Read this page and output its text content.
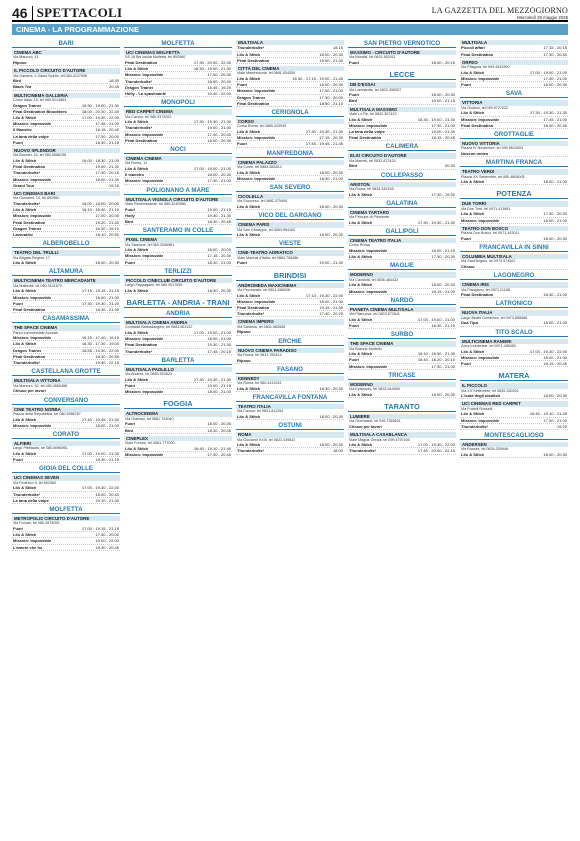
46 SPETTACOLI	LA GAZZETTA DEL MEZZOGIORNO
Mercoledì 28 maggio 2025
CINEMA - LA PROGRAMMAZIONE
BARI
CINEMA ABC
Via Marconi, 41
Riposo
IL PICCOLO CIRCUITO D'AUTORE
Via Gamma, 4 Santo Spirito, tel 080.4127008
Bird	18.30
Black Tea	20.45
MULTICINEMA GALLERIA
Corso Italia, 15, tel 080.5214563
Dragon Trainer	16.30 - 19.00 - 21.30
Final Destination Bloodlines	18.00 - 20.30 - 22.40
Lilo & Stitch	17.00 - 19.30 - 22.00
Mission: Impossible	17.45 - 21.00
Il Maestro	18.15 - 20.40
La tana della volpe	17.30 - 20.00
Fuori	18.30 - 21.15
NUOVO SPLENDOR
Via Buccari, 24, tel 080.5566236
Lilo & Stitch	16.00 - 18.30 - 21.00
Final Destination	19.00 - 21.30
Thunderbolts*	17.30 - 20.15
Mission: Impossible	18.00 - 21.30
Grand Tour	19.15
UCI CINEMAS BARI
Via Giovanni, 10, tel 892960
Thunderbolts*	16.00 - 18.00 - 20.00
Lilo & Stitch	16.10 - 18.40 - 21.10
Mission: Impossible	17.00 - 20.30
Final Destination	19.20 - 21.40
Dragon Trainer	16.30 - 19.10
Lavoratrici	18.10 - 20.50
ALBEROBELLO
TEATRO DEL TRULLI
Via Brigata Regina, 17
Lilo & Stitch	18.00 - 20.30
ALTAMURA
MULTICINEMA TEATRO MERCADANTE
Via Matteotti, tel 080.3141570
Lilo & Stitch	17.15 - 19.15 - 21.15
Mission: Impossible	18.00 - 21.00
Fuori	17.30 - 19.30 - 21.20
Final Destination	18.30 - 21.30
CASAMASSIMA
THE SPACE CINEMA
Parco commerciale Auchan
Mission: Impossible	16.15 - 17.40 - 19.15
Lilo & Stitch	16.30 - 17.30 - 19.00
Dragon Trainer	16.55 - 19.30 - 22.00
Final Destination	18.30 - 20.55
Thunderbolts*	19.40 - 22.15
CASTELLANA GROTTE
MULTISALA VITTORIA
Via Marconi, 52, tel 080.4965488
Chiuso per lavori
CONVERSANO
CINE TEATRO NORBA
Piazza della Repubblica, tel 080.4956767
Lilo & Stitch	17.40 - 19.45 - 21.50
Mission: Impossible	18.00 - 21.00
CORATO
ALFIERI
Largo Plebiscito, tel 080.8986951
Lilo & Stitch	17.00 - 19.00 - 21.00
Fuori	18.30 - 21.15
GIOIA DEL COLLE
UCI CINEMAS SEVEN
Via Federico II, tel 892960
Lilo & Stitch	17.00 - 19.30 - 22.00
Thunderbolts*	18.00 - 20.40
La tana della volpe	19.10 - 21.30
MOLFETTA
METROPOLIS CIRCUITO D'AUTORE
Via Fornari, tel 080.3973093
Fuori	17.00 - 19.15 - 21.15
Lilo & Stitch	17.30 - 20.00
Mission: Impossible	19.00 - 22.00
L'amore che ho	18.30 - 20.45
MOLFETTA
UCI CINEMAS MOLFETTA
SS 16 Bis uscita Molfetta, tel 892960
Final Destination	17.30 - 20.00 - 22.30
Lilo & Stitch	16.30 - 19.00 - 21.30
Mission: Impossible	17.00 - 20.30
Thunderbolts*	18.00 - 20.40
Dragon Trainer	16.45 - 19.20
Holly - La spasimante	19.40 - 22.00
MONOPOLI
RED CARPET CINEMA
Via Cavour, tel 080.9372022
Lilo & Stitch	17.30 - 19.30 - 21.30
Thunderbolts*	19.00 - 21.30
Mission: Impossible	17.40 - 20.40
Final Destination	18.00 - 20.30
NOCI
CINEMA CINEMA
Via Roma, 11
Lilo & Stitch	17.00 - 19.00 - 21.00
Il maestro	18.00 - 20.30
Mission: Impossible	17.30 - 21.00
POLIGNANO A MARE
MULTISALA VIGNOLA CIRCUITO D'AUTORE
Viale Rimembranze, tel 080.4249986
Fuori	19.00 - 21.15
Holly	19.30 - 21.30
Bird	18.30 - 20.45
SANTERAMO IN COLLE
PIXEL CINEMA
Via Stazione, tel 080.3036981
Lilo & Stitch	18.00 - 20.00
Mission: Impossible	17.15 - 20.30
Fuori	18.30 - 21.00
TERLIZZI
PICCOLO CINECLUB CIRCUITO D'AUTORE
Largo Pappagallo, tel 080.3517635
Lilo & Stitch	18.30 - 20.30
BARLETTA - ANDRIA - TRANI
ANDRIA
MULTISALA CINEMA ANDRIA
Contrada Barbadangelo, tel 0883.561132
Lilo & Stitch	17.00 - 19.00 - 21.00
Mission: Impossible	18.00 - 21.00
Final Destination	19.30 - 21.30
Thunderbolts*	17.45 - 20.15
BARLETTA
MULTISALA PAOLILLO
Via Alvarez, tel 0883.523823
Lilo & Stitch	17.30 - 19.30 - 21.30
Fuori	19.00 - 21.15
Mission: Impossible	18.00 - 21.00
FOGGIA
ALTROCINEMA
Via Gramsci, tel 0881.724040
Fuori	18.00 - 20.30
Bird	18.30 - 20.45
CINEPLEX
Viale Fortore, tel 0881.777000
Lilo & Stitch	16.40 - 19.10 - 21.40
Mission: Impossible	17.30 - 20.40
MULTISALA
Thunderbolts*	18.15
Lilo & Stitch	18.00 - 20.30
Final Destination	19.00 - 21.30
CITTÀ DEL CINEMA
Viale Manfredonia, tel 0881.534050
Lilo & Stitch	16.30 - 17.15 - 19.00 - 21.45
Fuori	18.00 - 20.30
Mission: Impossible	17.00 - 21.00
Dragon Trainer	17.30 - 20.00
Final Destination	18.50 - 21.10
CERIGNOLA
CORSO
Corso Roma, tel 0885.423945
Lilo & Stitch	17.30 - 19.30 - 21.30
Mission: Impossible	17.15 - 20.30
Fuori	17.45 - 19.45 - 21.45
MANFREDONIA
CINEMA PALAZZO
Via Conte, tel 0884.583814
Lilo & Stitch	18.00 - 20.30
Mission: Impossible	18.30 - 21.00
SAN SEVERO
CICOLELLA
Via Soccorso, tel 0882.375494
Lilo & Stitch	18.00 - 20.30
VICO DEL GARGANO
CINEMA PARIS
Via San Giuseppe, tel 0884.994182
Lilo & Stitch	18.00 - 20.30
VIESTE
CINE-TEATRO ADRIATICO
Viale Marinai d'Italia, tel 0884.708486
Fuori	19.00 - 21.30
BRINDISI
ANDROMEDA MAXICINEMA
Via Provinciale, tel 0831.568408
Lilo & Stitch	17.10 - 19.30 - 22.00
Mission: Impossible	18.00 - 21.30
Final Destination	19.15 - 21.50
Thunderbolts*	17.40 - 20.20
CINEMA IMPERO
Via Sardella, tel 0831.562666
Riposo
ERCHIE
NUOVO CINEMA PARADISO
Via Roma, tel 0831.769414
Riposo
FASANO
KENNEDY
Via Roma, tel 080.4413251
Lilo & Stitch	18.30 - 20.30
FRANCAVILLA FONTANA
TEATRO ITALIA
Via Cavour, tel 0831.811254
Lilo & Stitch	18.00 - 20.30
OSTUNI
ROMA
Via Giovanni XXIII, tel 0831.339822
Lilo & Stitch	18.00 - 20.30
Thunderbolts*	18.00
SAN PIETRO VERNOTICO
MASSIMO - CIRCUITO D'AUTORE
Via Brindisi, tel 0831.652011
Fuori	18.00 - 20.15
LECCE
DB D'ESSAI
Via Lombardia, tel 0832.390557
Fuori	18.00 - 20.30
Bird	19.00 - 21.15
MULTISALA MASSIMO
Viale Lo Re, tel 0832.307433
Lilo & Stitch	16.30 - 19.00 - 21.30
Mission: Impossible	17.30 - 21.00
La tana della volpe	19.00 - 21.30
Final Destination	18.15 - 20.45
CALIMERA
ELIO CIRCUITO D'AUTORE
Via Mameli, tel 0832.872424
Bird	20.30
COLLEPASSO
ARISTON
Via Roma, tel 0833.343155
Lilo & Stitch	17.30 - 19.30
GALATINA
CINEMA TARTARO
Via Principe di Piemonte
Lilo & Stitch	17.30 - 19.30 - 21.30
GALLIPOLI
CINEMA TEATRO ITALIA
Corso Roma
Mission: Impossible	18.00 - 21.15
Lilo & Stitch	17.30 - 20.30
MAGLIE
MODERNO
Via Cavalotti, tel 0836.484433
Lilo & Stitch	18.00 - 20.30
Mission: Impossible	18.15 - 21.00
NARDÒ
PIANETA CINEMA MULTISALA
Via Pilanuova, tel 0833.572641
Lilo & Stitch	17.00 - 19.00 - 21.00
Fuori	18.30 - 21.15
SURBO
THE SPACE CINEMA
Via Braccio Martello
Lilo & Stitch	16.10 - 18.50 - 21.30
Fuori	16.40 - 18.20 - 20.10
Mission: Impossible	17.30 - 21.00
TRICASE
MODERNO
Via Episcopio, tel 0833.544085
Lilo & Stitch	18.00 - 20.30
TARANTO
LUMIERE
Via Giovinazzi, tel 099.7365621
Chiuso per lavori
MULTISALA CASABLANCA
Viale Magna Grecia, tel 099.4797400
Lilo & Stitch	17.00 - 19.30 - 22.00
Thunderbolts*	17.45 - 20.00 - 22.15
MULTISALA
Piccoli affari	17.15 - 20.15
Final Destination	17.30 - 20.30
ORFEO
Via Pitagora, tel 099.4533390
Lilo & Stitch	17.00 - 19.00 - 21.00
Mission: Impossible	17.30 - 21.00
Fuori	18.00 - 20.30
SAVA
VITTORIA
Via Giuliani, tel 099.9727022
Lilo & Stitch	17.30 - 19.30 - 21.30
Mission: Impossible	17.45 - 21.00
Final Destination	18.00 - 20.30
GROTTAGLIE
NUOVO VITTORIA
Piazza IV Novembre, tel 099.5623003
Nessun meteo
MARTINA FRANCA
TEATRO VERDI
Piazza XX Settembre, tel 080.4805005
Lilo & Stitch	18.00 - 21.00
POTENZA
DUE TORRI
Via Due Torri, tel 0971.411661
Lilo & Stitch	17.30 - 20.30
Mission: Impossible	18.00 - 21.00
TEATRO DON BOSCO
Piazza Don Bosco, tel 0971.443011
Fuori	18.00 - 20.30
FRANCAVILLA IN SINNI
COLUMBIA MULTISALA
Via Sant'Angelo, tel 0973.574567
Chiuso
LAGONEGRO
CINEMA IRIS
Via Piangiano, tel 0973.21188
Final Destination	18.30 - 21.00
LATRONICO
NUOVA ITALIA
Largo Beato Domenico, tel 0973.858088
Dua Tipa	18.00 - 21.30
TITO SCALO
MULTICINEMA RANIERI
Zona Industriale, tel 0971.485483
Lilo & Stitch	17.00 - 19.30 - 22.00
Mission: Impossible	18.00 - 21.30
Fuori	18.15 - 20.45
MATERA
IL PICCOLO
Via XX Settembre, tel 0835.330201
L'isola degli idealisti	18.00 - 20.30
UCI CINEMAS RED CARPET
Via Fratelli Rosselli
Lilo & Stitch	16.40 - 19.10 - 21.40
Mission: Impossible	17.30 - 21.00
Thunderbolts*	19.20
MONTESCAGLIOSO
ANDERSEN
Via Rossini, tel 0835.209948
Lilo & Stitch	18.00 - 20.30
